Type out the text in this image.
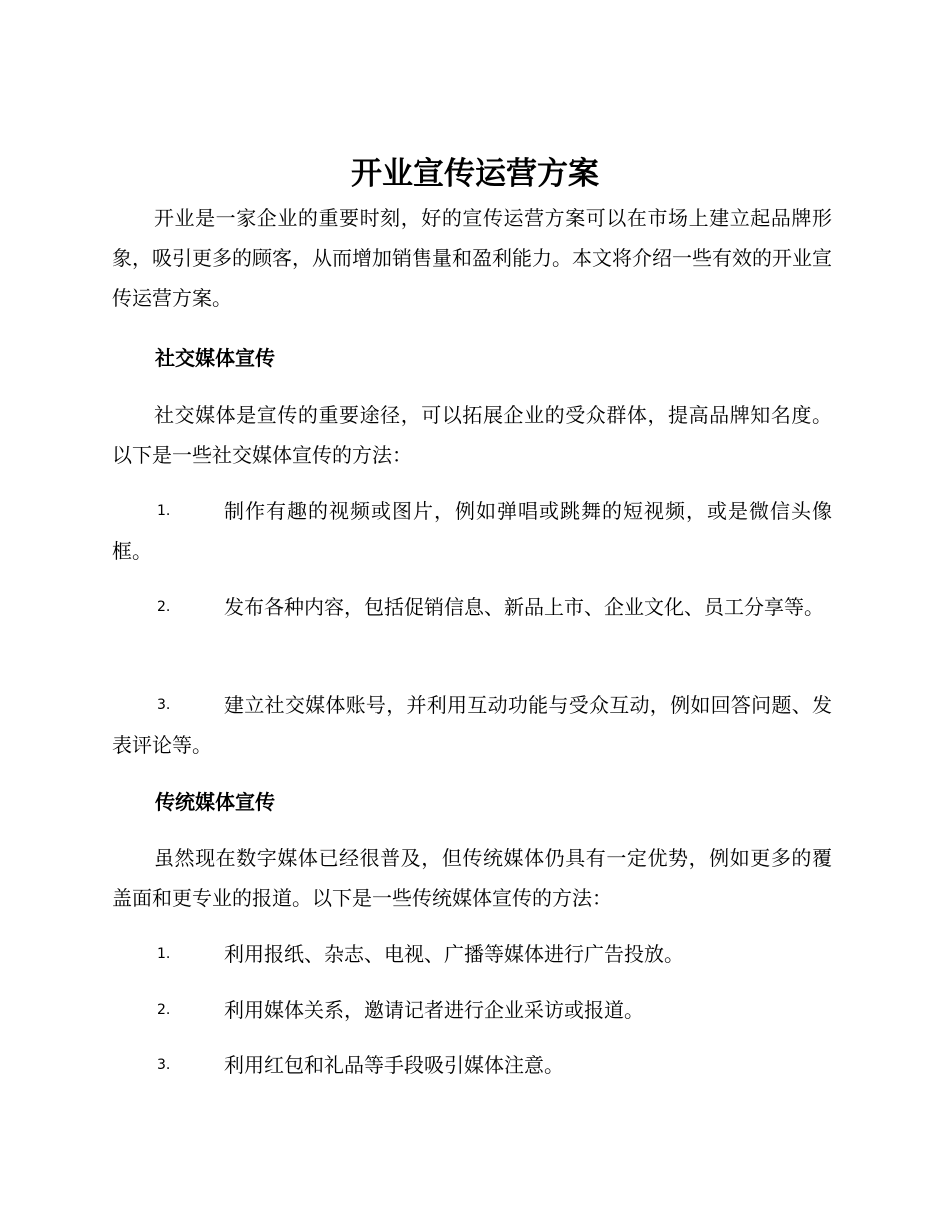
开业宣传运营方案

开业是一家企业的重要时刻，好的宣传运营方案可以在市场上建立起品牌形象，吸引更多的顾客，从而增加销售量和盈利能力。本文将介绍一些有效的开业宣传运营方案。

社交媒体宣传

社交媒体是宣传的重要途径，可以拓展企业的受众群体，提高品牌知名度。以下是一些社交媒体宣传的方法：

1.	制作有趣的视频或图片，例如弹唱或跳舞的短视频，或是微信头像框。

2.	发布各种内容，包括促销信息、新品上市、企业文化、员工分享等。

3.	建立社交媒体账号，并利用互动功能与受众互动，例如回答问题、发表评论等。

传统媒体宣传

虽然现在数字媒体已经很普及，但传统媒体仍具有一定优势，例如更多的覆盖面和更专业的报道。以下是一些传统媒体宣传的方法：

1.	利用报纸、杂志、电视、广播等媒体进行广告投放。

2.	利用媒体关系，邀请记者进行企业采访或报道。

3.	利用红包和礼品等手段吸引媒体注意。
